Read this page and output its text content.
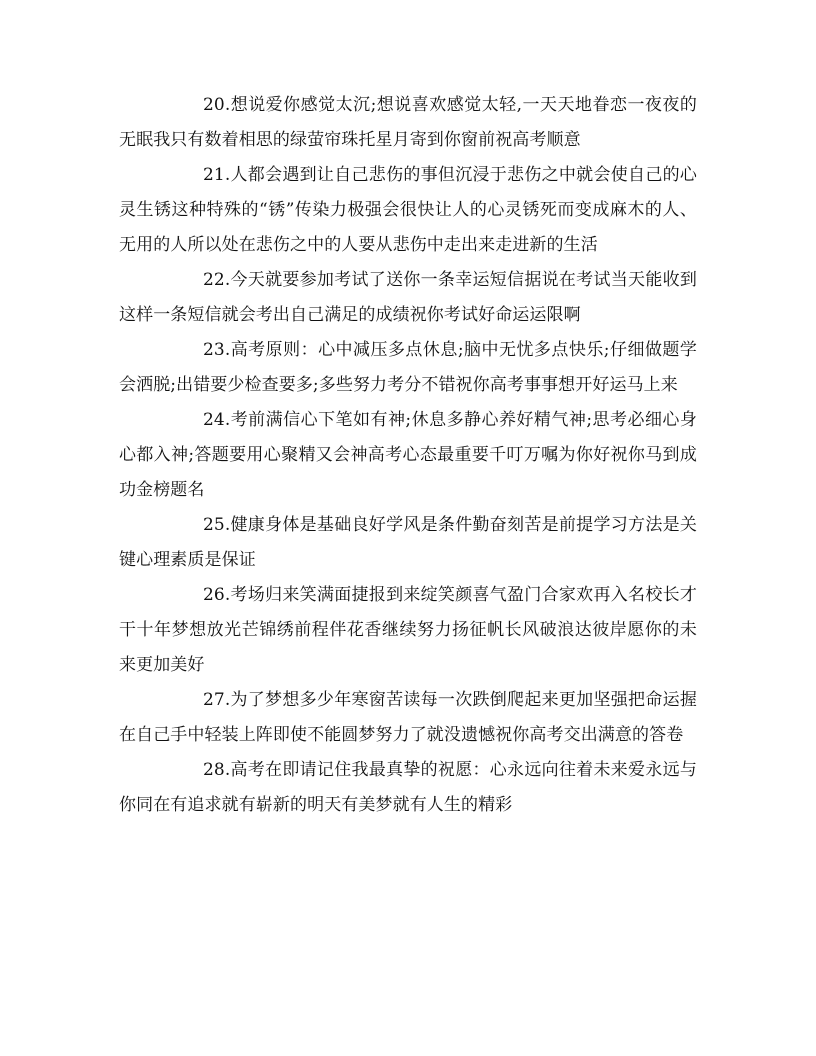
20.想说爱你感觉太沉;想说喜欢感觉太轻,一天天地眷恋一夜夜的无眠我只有数着相思的绿萤帘珠托星月寄到你窗前祝高考顺意

21.人都会遇到让自己悲伤的事但沉浸于悲伤之中就会使自己的心灵生锈这种特殊的“锈”传染力极强会很快让人的心灵锈死而变成麻木的人、无用的人所以处在悲伤之中的人要从悲伤中走出来走进新的生活

22.今天就要参加考试了送你一条幸运短信据说在考试当天能收到这样一条短信就会考出自己满足的成绩祝你考试好命运运限啊

23.高考原则：心中减压多点休息;脑中无忧多点快乐;仔细做题学会洒脱;出错要少检查要多;多些努力考分不错祝你高考事事想开好运马上来

24.考前满信心下笔如有神;休息多静心养好精气神;思考必细心身心都入神;答题要用心聚精又会神高考心态最重要千叮万嘱为你好祝你马到成功金榜题名

25.健康身体是基础良好学风是条件勤奋刻苦是前提学习方法是关键心理素质是保证

26.考场归来笑满面捷报到来绽笑颜喜气盈门合家欢再入名校长才干十年梦想放光芒锦绣前程伴花香继续努力扬征帆长风破浪达彼岸愿你的未来更加美好

27.为了梦想多少年寒窗苦读每一次跌倒爬起来更加坚强把命运握在自己手中轻装上阵即使不能圆梦努力了就没遗憾祝你高考交出满意的答卷

28.高考在即请记住我最真挚的祝愿：心永远向往着未来爱永远与你同在有追求就有崭新的明天有美梦就有人生的精彩
